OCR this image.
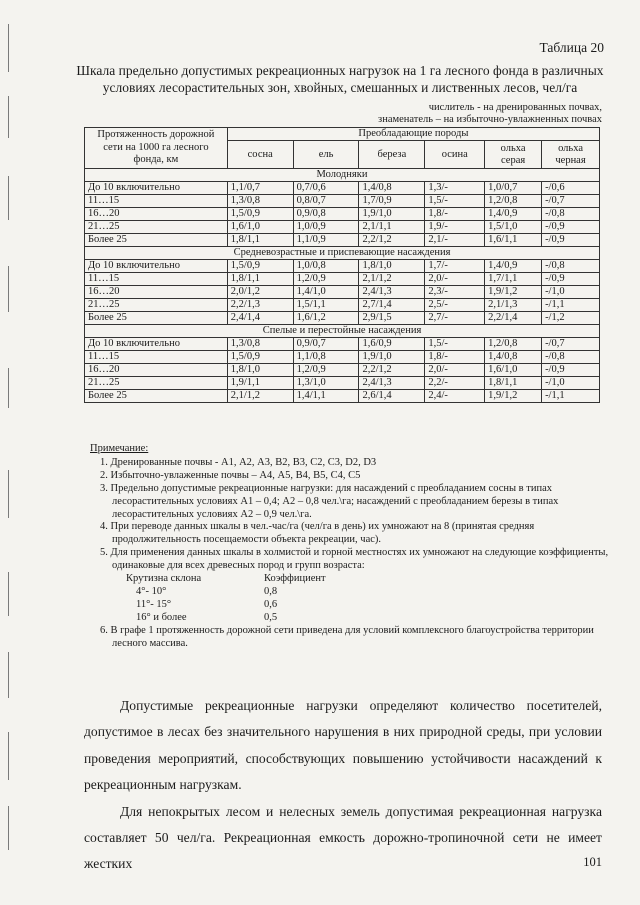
Таблица 20
Шкала предельно допустимых рекреационных нагрузок на 1 га лесного фонда в различных условиях лесорастительных зон, хвойных, смешанных и лиственных лесов, чел/га
числитель - на дренированных почвах,
знаменатель – на избыточно-увлажненных почвах
Протяженность дорожной сети на 1000 га лесного фонда, км	Преобладающие породы					
	сосна	ель	береза	осина	ольха серая	ольха черная
Молодняки						
До 10 включительно	1,1/0,7	0,7/0,6	1,4/0,8	1,3/-	1,0/0,7	-/0,6
11…15	1,3/0,8	0,8/0,7	1,7/0,9	1,5/-	1,2/0,8	-/0,7
16…20	1,5/0,9	0,9/0,8	1,9/1,0	1,8/-	1,4/0,9	-/0,8
21…25	1,6/1,0	1,0/0,9	2,1/1,1	1,9/-	1,5/1,0	-/0,9
Более 25	1,8/1,1	1,1/0,9	2,2/1,2	2,1/-	1,6/1,1	-/0,9
Средневозрастные и приспевающие насаждения						
До 10 включительно	1,5/0,9	1,0/0,8	1,8/1,0	1,7/-	1,4/0,9	-/0,8
11…15	1,8/1,1	1,2/0,9	2,1/1,2	2,0/-	1,7/1,1	-/0,9
16…20	2,0/1,2	1,4/1,0	2,4/1,3	2,3/-	1,9/1,2	-/1,0
21…25	2,2/1,3	1,5/1,1	2,7/1,4	2,5/-	2,1/1,3	-/1,1
Более 25	2,4/1,4	1,6/1,2	2,9/1,5	2,7/-	2,2/1,4	-/1,2
Спелые и перестойные насаждения						
До 10 включительно	1,3/0,8	0,9/0,7	1,6/0,9	1,5/-	1,2/0,8	-/0,7
11…15	1,5/0,9	1,1/0,8	1,9/1,0	1,8/-	1,4/0,8	-/0,8
16…20	1,8/1,0	1,2/0,9	2,2/1,2	2,0/-	1,6/1,0	-/0,9
21…25	1,9/1,1	1,3/1,0	2,4/1,3	2,2/-	1,8/1,1	-/1,0
Более 25	2,1/1,2	1,4/1,1	2,6/1,4	2,4/-	1,9/1,2	-/1,1
Примечание:
1. Дренированные почвы - А1, А2, А3, В2, В3, С2, С3, D2, D3
2. Избыточно-увлаженные почвы – А4, А5, В4, В5, С4, С5
3. Предельно допустимые рекреационные нагрузки: для насаждений с преобладанием сосны в типах лесорастительных условиях А1 – 0,4; А2 – 0,8 чел.\га; насаждений с преобладанием березы в типах лесорастительных условиях А2 – 0,9 чел.\га.
4. При переводе данных шкалы в чел.-час/га (чел/га в день) их умножают на 8 (принятая средняя продолжительность посещаемости объекта рекреации, час).
5. Для применения данных шкалы в холмистой и горной местностях их умножают на следующие коэффициенты, одинаковые для всех древесных пород и групп возраста:
Крутизна склона	Коэффициент
4°- 10°	0,8
11°- 15°	0,6
16° и более	0,5
6. В графе 1 протяженность дорожной сети приведена для условий комплексного благоустройства территории лесного массива.

Допустимые рекреационные нагрузки определяют количество посетителей, допустимое в лесах без значительного нарушения в них природной среды, при условии проведения мероприятий, способствующих повышению устойчивости насаждений к рекреационным нагрузкам.

Для непокрытых лесом и нелесных земель допустимая рекреационная нагрузка составляет 50 чел/га. Рекреационная емкость дорожно-тропиночной сети не имеет жестких	101
